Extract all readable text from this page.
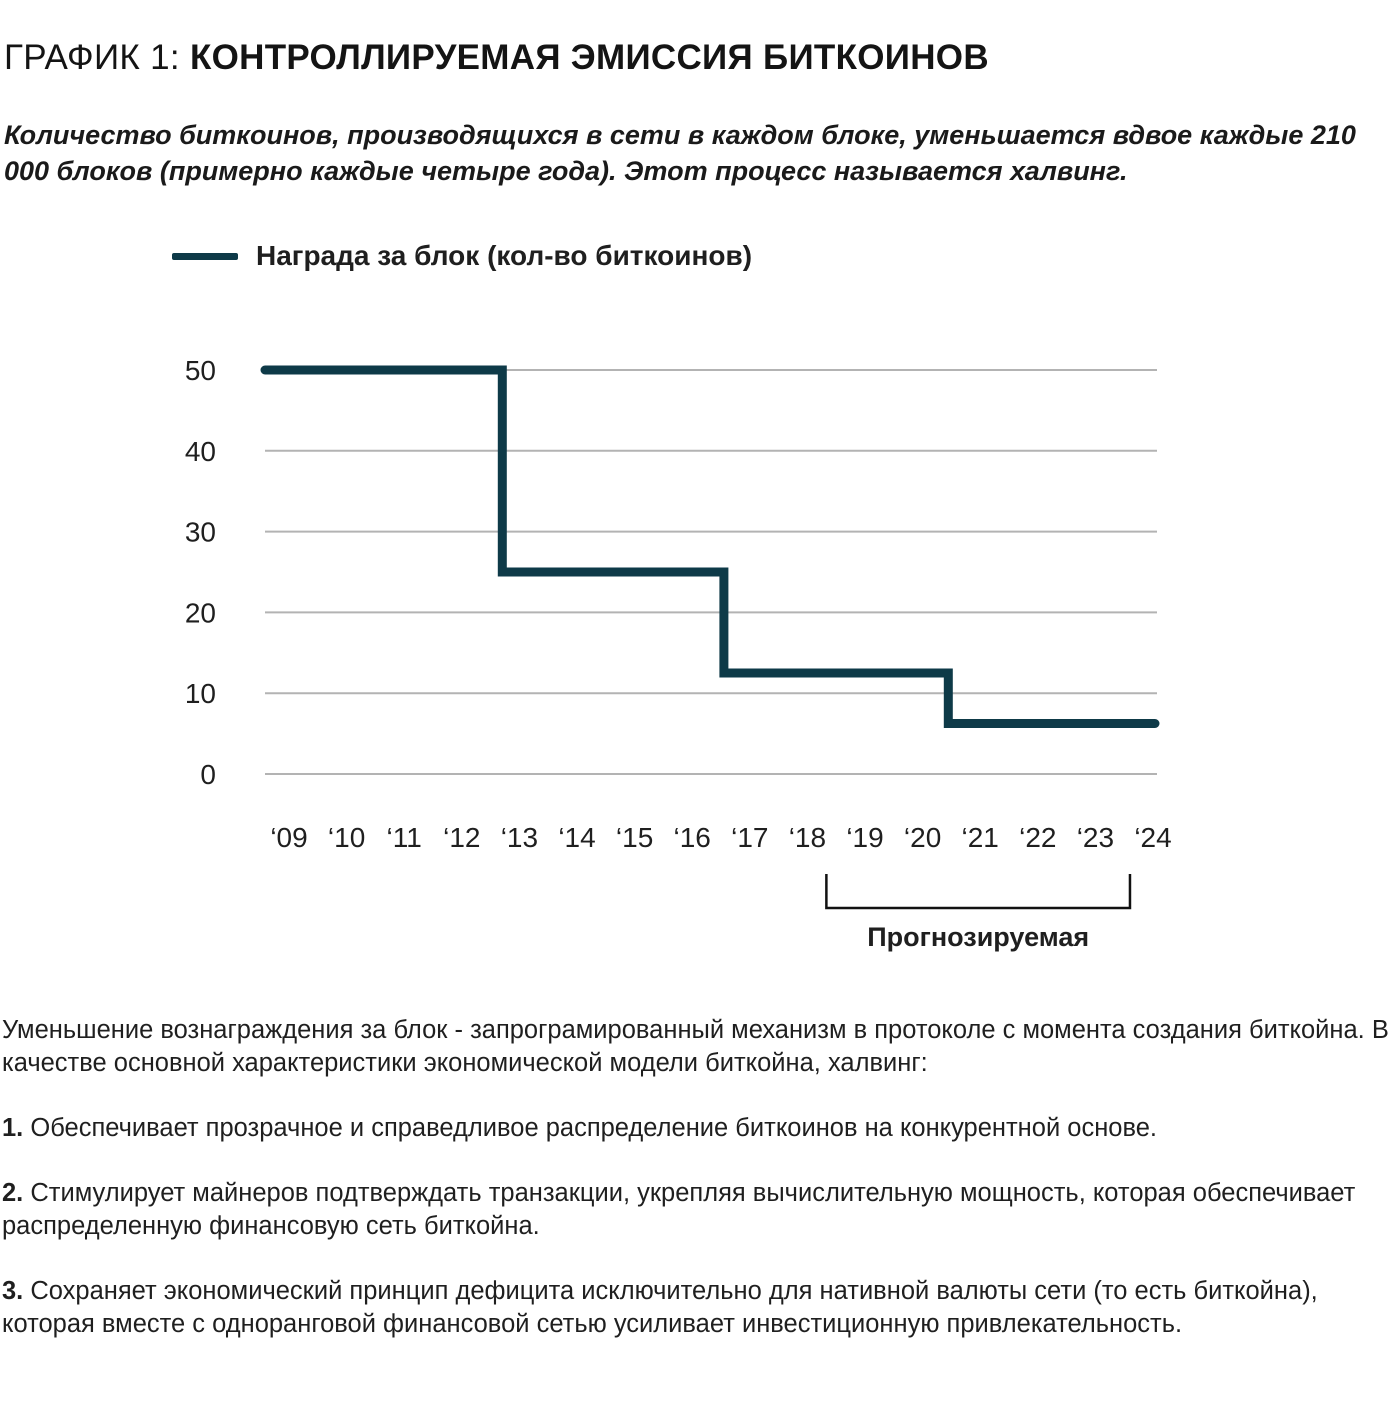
ГРАФИК 1: КОНТРОЛЛИРУЕМАЯ ЭМИССИЯ БИТКОИНОВ
Количество биткоинов, производящихся в сети в каждом блоке, уменьшается вдвое каждые 210 000 блоков (примерно каждые четыре года). Этот процесс называется халвинг.
Награда за блок (кол-во биткоинов)
0
10
20
30
40
50
‘09 ‘10 ‘11 ‘12 ‘13 ‘14 ‘15 ‘16 ‘17 ‘18 ‘19 ‘20 ‘21 ‘22 ‘23 ‘24
Прогнозируемая

Уменьшение вознаграждения за блок - запрограмированный механизм в протоколе с момента создания биткойна. В качестве основной характеристики экономической модели биткойна, халвинг:

1. Обеспечивает прозрачное и справедливое распределение биткоинов на конкурентной основе.

2. Стимулирует майнеров подтверждать транзакции, укрепляя вычислительную мощность, которая обеспечивает распределенную финансовую сеть биткойна.

3. Сохраняет экономический принцип дефицита исключительно для нативной валюты сети (то есть биткойна), которая вместе с одноранговой финансовой сетью усиливает инвестиционную привлекательность.
